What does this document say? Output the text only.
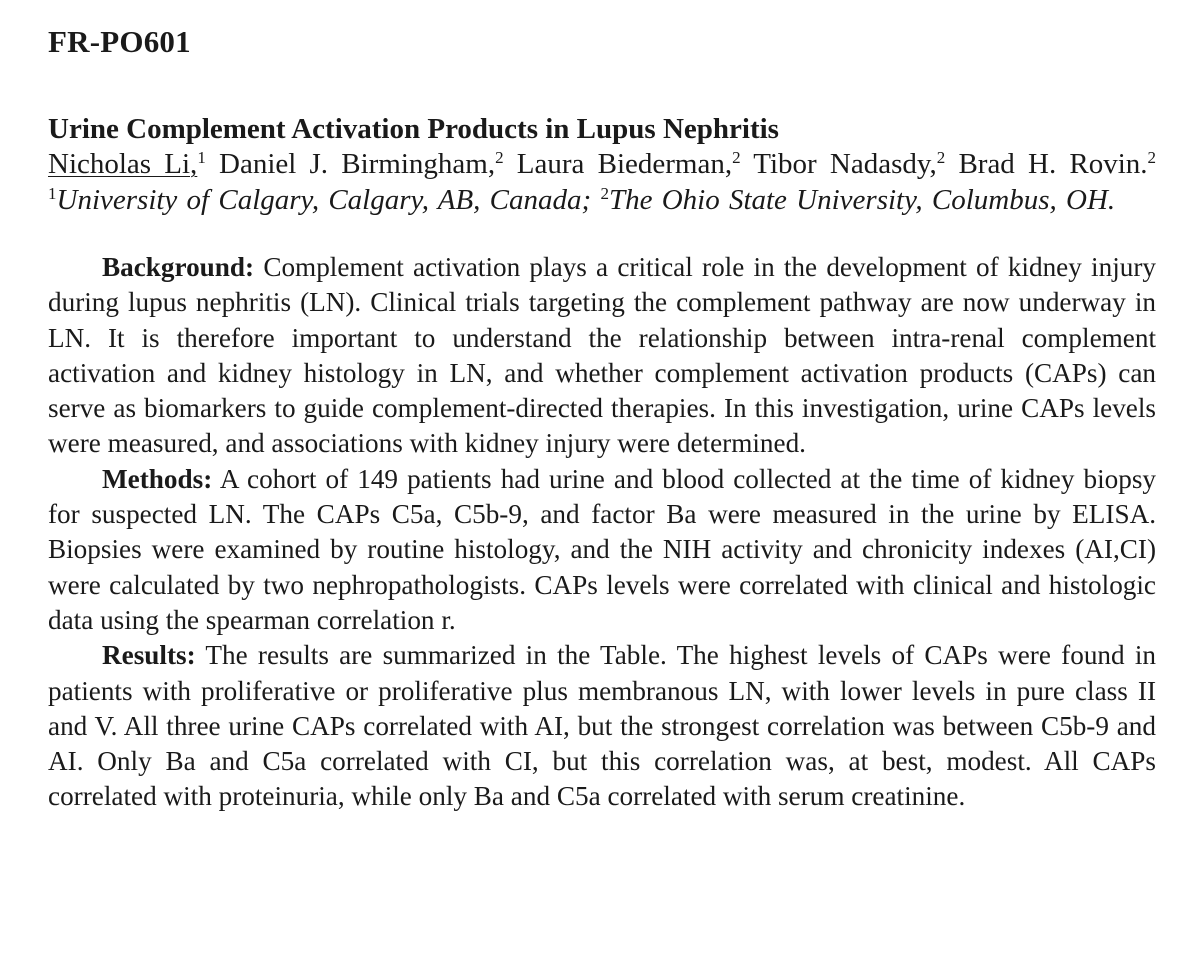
FR-PO601
Urine Complement Activation Products in Lupus Nephritis

Nicholas Li,$^1$ Daniel J. Birmingham,$^2$ Laura Biederman,$^2$ Tibor Nadasdy,$^2$ Brad H. Rovin.$^2$ $^1$University of Calgary, Calgary, AB, Canada; $^2$The Ohio State University, Columbus, OH.

Background: Complement activation plays a critical role in the development of kidney injury during lupus nephritis (LN). Clinical trials targeting the complement pathway are now underway in LN. It is therefore important to understand the relationship between intra-renal complement activation and kidney histology in LN, and whether complement activation products (CAPs) can serve as biomarkers to guide complement-directed therapies. In this investigation, urine CAPs levels were measured, and associations with kidney injury were determined.

Methods: A cohort of 149 patients had urine and blood collected at the time of kidney biopsy for suspected LN. The CAPs C5a, C5b-9, and factor Ba were measured in the urine by ELISA. Biopsies were examined by routine histology, and the NIH activity and chronicity indexes (AI,CI) were calculated by two nephropathologists. CAPs levels were correlated with clinical and histologic data using the spearman correlation r.

Results: The results are summarized in the Table. The highest levels of CAPs were found in patients with proliferative or proliferative plus membranous LN, with lower levels in pure class II and V. All three urine CAPs correlated with AI, but the strongest correlation was between C5b-9 and AI. Only Ba and C5a correlated with CI, but this correlation was, at best, modest. All CAPs correlated with proteinuria, while only Ba and C5a correlated with serum creatinine.
